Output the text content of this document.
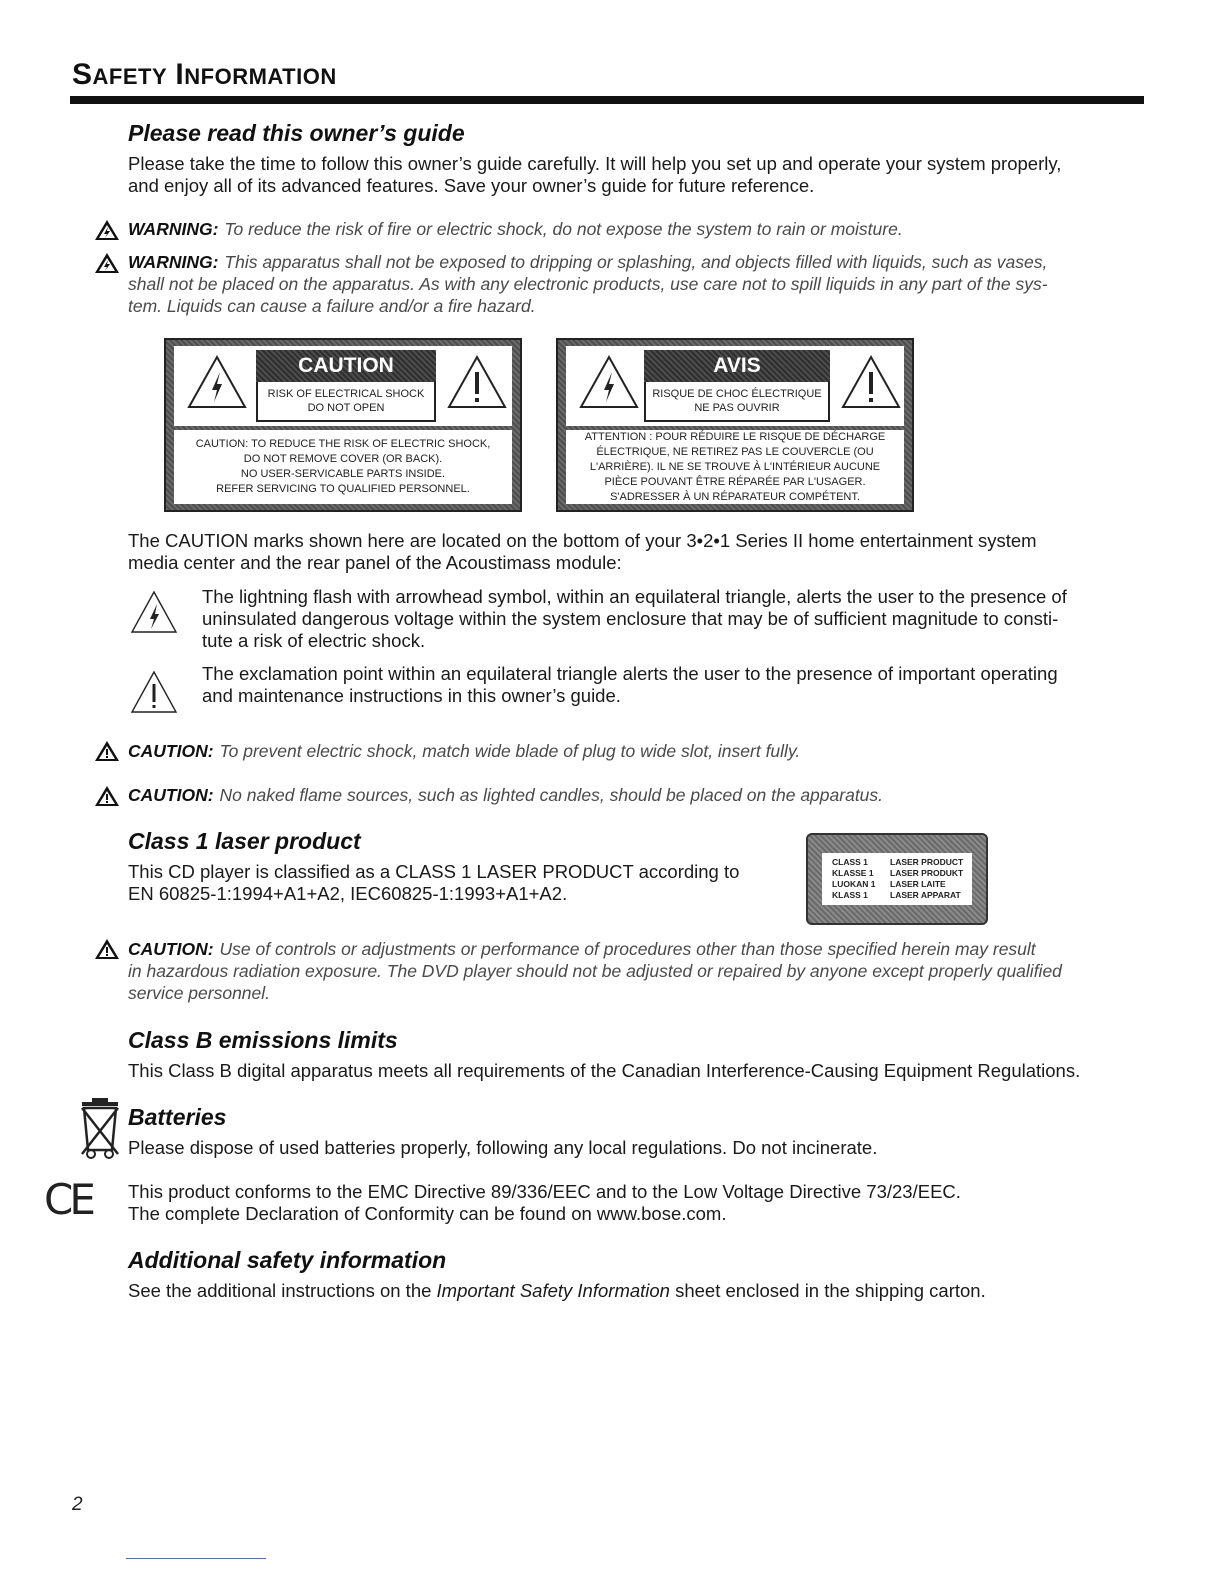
SAFETY INFORMATION
Please read this owner’s guide

Please take the time to follow this owner’s guide carefully. It will help you set up and operate your system properly,
and enjoy all of its advanced features. Save your owner’s guide for future reference.

WARNING: To reduce the risk of fire or electric shock, do not expose the system to rain or moisture.

WARNING: This apparatus shall not be exposed to dripping or splashing, and objects filled with liquids, such as vases,
shall not be placed on the apparatus. As with any electronic products, use care not to spill liquids in any part of the sys-
tem. Liquids can cause a failure and/or a fire hazard.

CAUTION
RISK OF ELECTRICAL SHOCK
DO NOT OPEN
CAUTION: TO REDUCE THE RISK OF ELECTRIC SHOCK,
DO NOT REMOVE COVER (OR BACK).
NO USER-SERVICABLE PARTS INSIDE.
REFER SERVICING TO QUALIFIED PERSONNEL.
AVIS
RISQUE DE CHOC ÉLECTRIQUE
NE PAS OUVRIR
ATTENTION : POUR RÉDUIRE LE RISQUE DE DÉCHARGE
ÉLECTRIQUE, NE RETIREZ PAS LE COUVERCLE (OU
L'ARRIÈRE). IL NE SE TROUVE À L'INTÉRIEUR AUCUNE
PIÈCE POUVANT ÊTRE RÉPARÉE PAR L'USAGER.
S'ADRESSER À UN RÉPARATEUR COMPÉTENT.

The CAUTION marks shown here are located on the bottom of your 3•2•1 Series II home entertainment system
media center and the rear panel of the Acoustimass module:

The lightning flash with arrowhead symbol, within an equilateral triangle, alerts the user to the presence of
uninsulated dangerous voltage within the system enclosure that may be of sufficient magnitude to consti-
tute a risk of electric shock.

The exclamation point within an equilateral triangle alerts the user to the presence of important operating
and maintenance instructions in this owner’s guide.

CAUTION: To prevent electric shock, match wide blade of plug to wide slot, insert fully.

CAUTION: No naked flame sources, such as lighted candles, should be placed on the apparatus.

Class 1 laser product

This CD player is classified as a CLASS 1 LASER PRODUCT according to
EN 60825-1:1994+A1+A2, IEC60825-1:1993+A1+A2.

CLASS 1	LASER PRODUCT
KLASSE 1	LASER PRODUKT
LUOKAN 1	LASER LAITE
KLASS 1	LASER APPARAT

CAUTION: Use of controls or adjustments or performance of procedures other than those specified herein may result
in hazardous radiation exposure. The DVD player should not be adjusted or repaired by anyone except properly qualified
service personnel.

Class B emissions limits

This Class B digital apparatus meets all requirements of the Canadian Interference-Causing Equipment Regulations.

Batteries

Please dispose of used batteries properly, following any local regulations. Do not incinerate.

CE This product conforms to the EMC Directive 89/336/EEC and to the Low Voltage Directive 73/23/EEC.
The complete Declaration of Conformity can be found on www.bose.com.

Additional safety information

See the additional instructions on the Important Safety Information sheet enclosed in the shipping carton.

2
